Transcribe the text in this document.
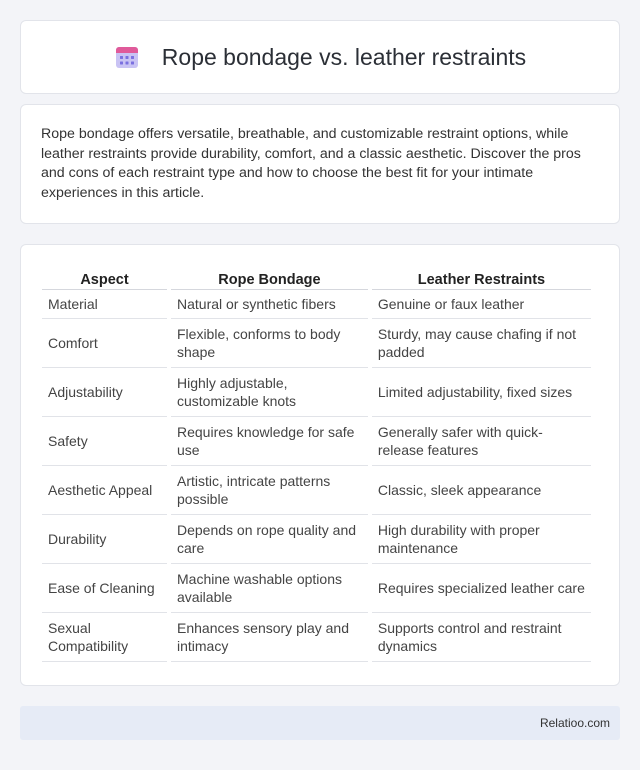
Rope bondage vs. leather restraints

Rope bondage offers versatile, breathable, and customizable restraint options, while leather restraints provide durability, comfort, and a classic aesthetic. Discover the pros and cons of each restraint type and how to choose the best fit for your intimate experiences in this article.

Aspect	Rope Bondage	Leather Restraints
Material	Natural or synthetic fibers	Genuine or faux leather
Comfort	Flexible, conforms to body shape	Sturdy, may cause chafing if not padded
Adjustability	Highly adjustable, customizable knots	Limited adjustability, fixed sizes
Safety	Requires knowledge for safe use	Generally safer with quick-release features
Aesthetic Appeal	Artistic, intricate patterns possible	Classic, sleek appearance
Durability	Depends on rope quality and care	High durability with proper maintenance
Ease of Cleaning	Machine washable options available	Requires specialized leather care
Sexual Compatibility	Enhances sensory play and intimacy	Supports control and restraint dynamics
Relatioo.com
